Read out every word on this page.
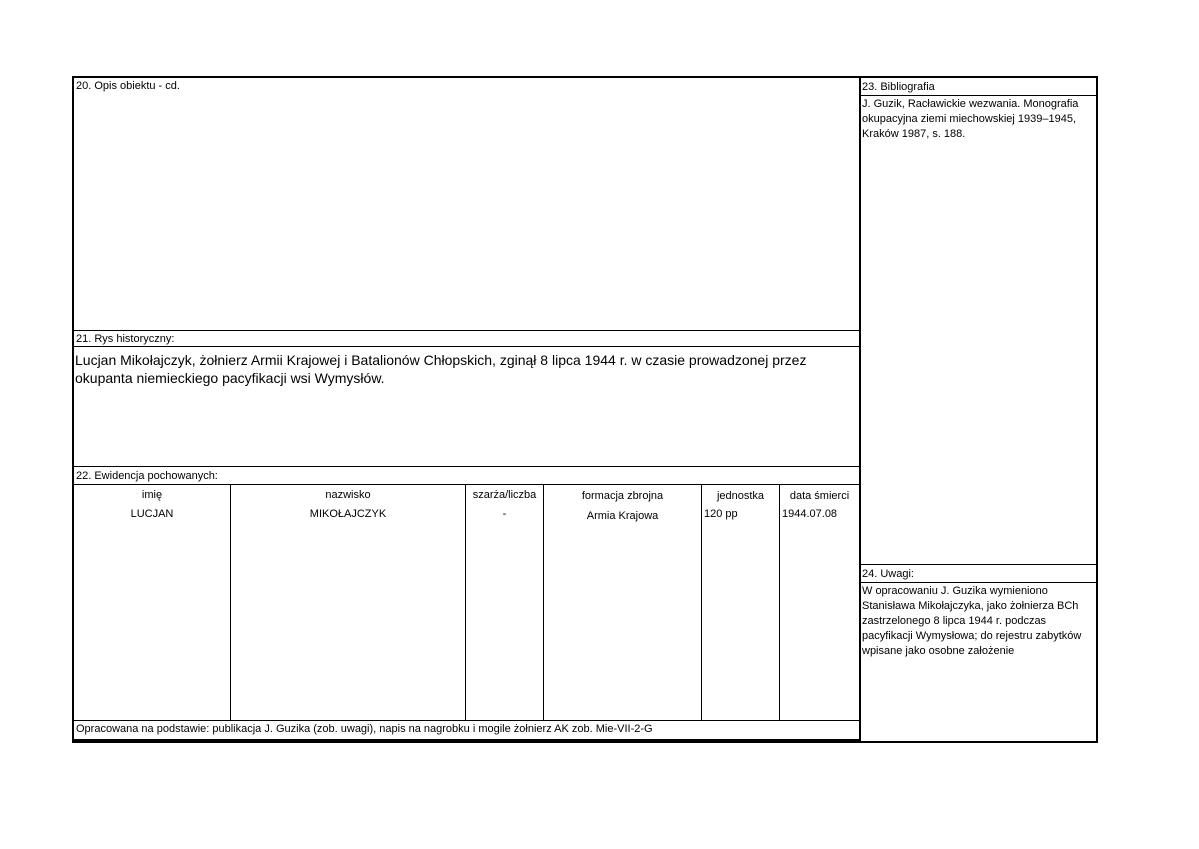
20. Opis obiektu - cd.
21. Rys historyczny:
Lucjan Mikołajczyk, żołnierz Armii Krajowej i Batalionów Chłopskich, zginął 8 lipca 1944 r. w czasie prowadzonej przez okupanta niemieckiego pacyfikacji wsi Wymysłów.
22. Ewidencja pochowanych:
imię	nazwisko	szarża/liczba	formacja zbrojna	jednostka	data śmierci
LUCJAN	MIKOŁAJCZYK	-	Armia Krajowa	120 pp	1944.07.08
Opracowana na podstawie: publikacja J. Guzika (zob. uwagi), napis na nagrobku i mogile żołnierz AK zob. Mie-VII-2-G
23. Bibliografia
J. Guzik, Racławickie wezwania. Monografia okupacyjna ziemi miechowskiej 1939–1945, Kraków 1987, s. 188.
24. Uwagi:
W opracowaniu J. Guzika wymieniono Stanisława Mikołajczyka, jako żołnierza BCh zastrzelonego 8 lipca 1944 r. podczas pacyfikacji Wymysłowa; do rejestru zabytków wpisane jako osobne założenie
